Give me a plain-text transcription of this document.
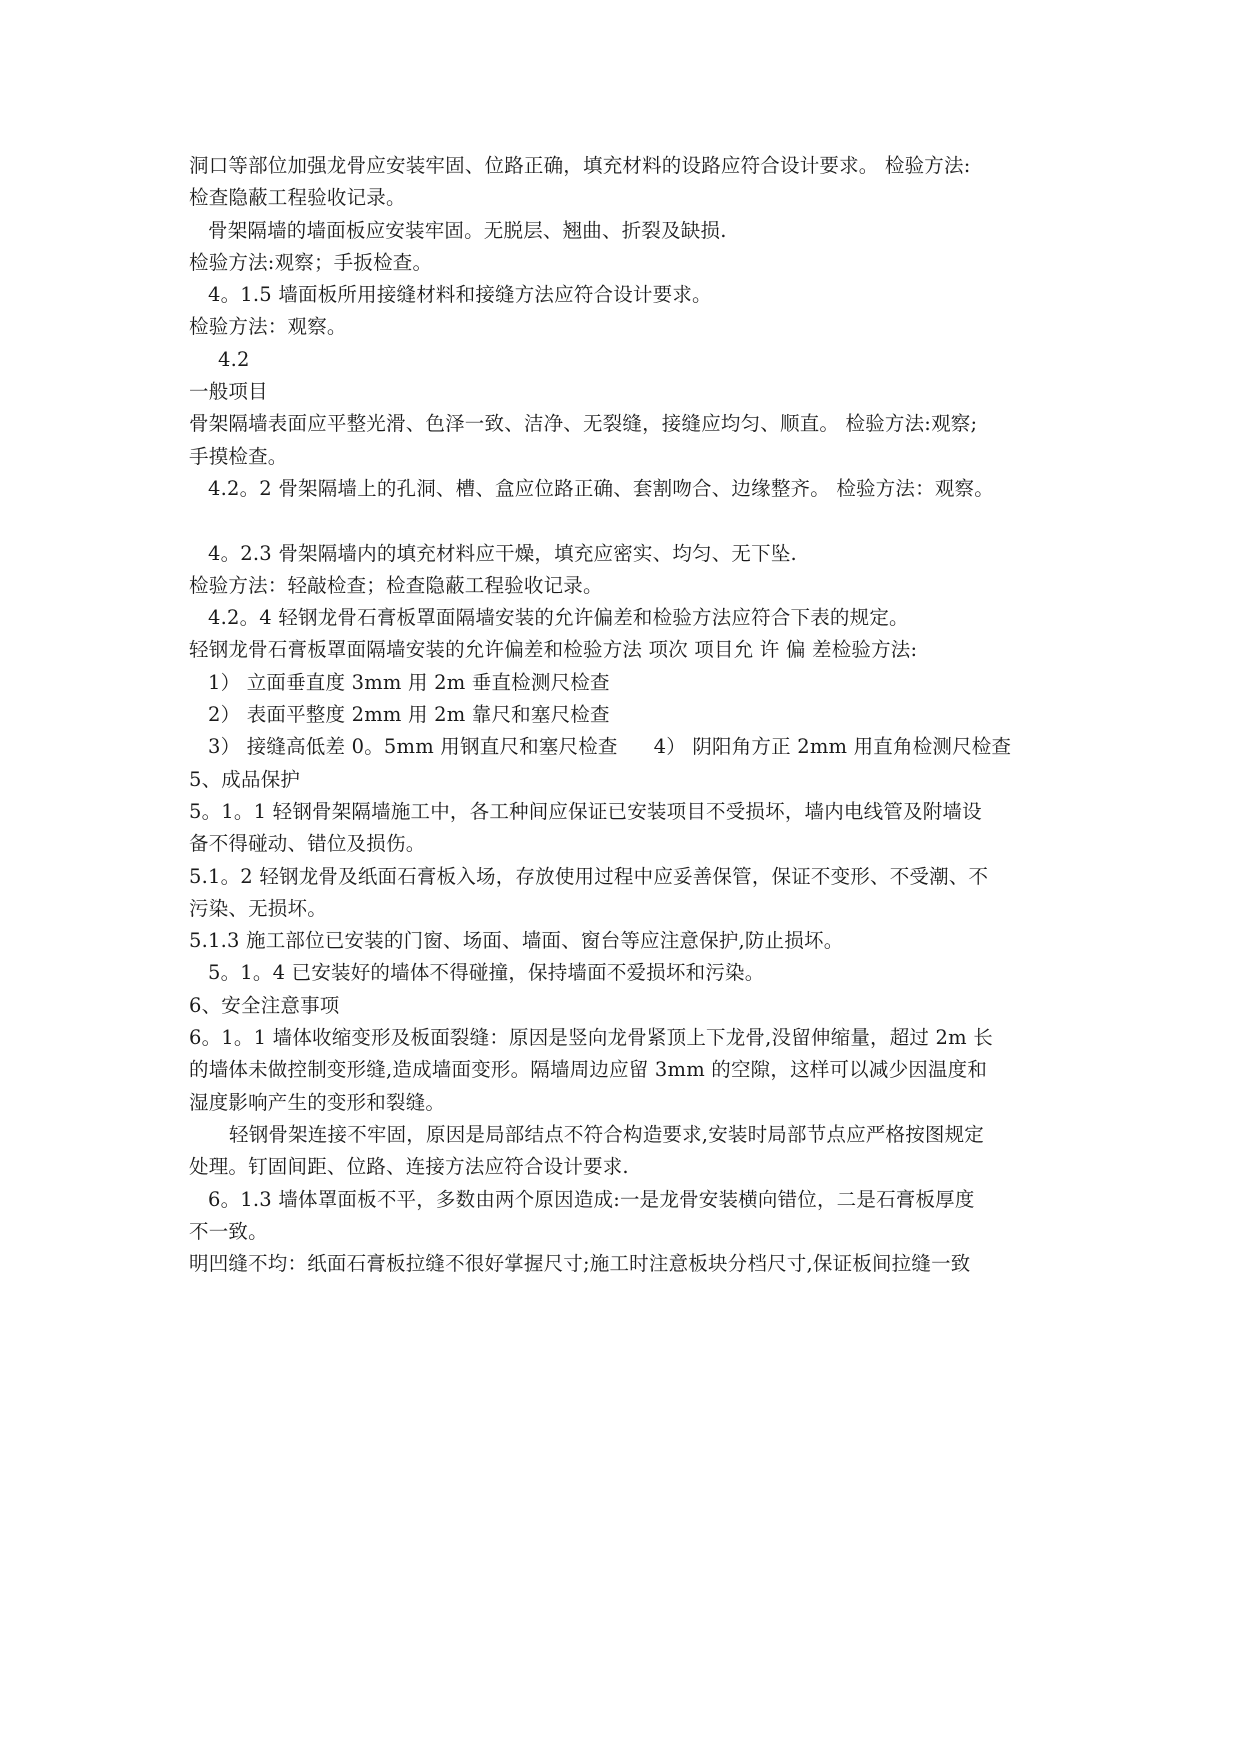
洞口等部位加强龙骨应安装牢固、位路正确，填充材料的设路应符合设计要求。 检验方法:
检查隐蔽工程验收记录。
骨架隔墙的墙面板应安装牢固。无脱层、翘曲、折裂及缺损.
检验方法:观察；手扳检查。
4。1.5 墙面板所用接缝材料和接缝方法应符合设计要求。
检验方法：观察。
4.2
一般项目
骨架隔墙表面应平整光滑、色泽一致、洁净、无裂缝，接缝应均匀、顺直。 检验方法:观察;
手摸检查。
4.2。2 骨架隔墙上的孔洞、槽、盒应位路正确、套割吻合、边缘整齐。 检验方法：观察。
4。2.3 骨架隔墙内的填充材料应干燥，填充应密实、均匀、无下坠.
检验方法：轻敲检查；检查隐蔽工程验收记录。
4.2。4 轻钢龙骨石膏板罩面隔墙安装的允许偏差和检验方法应符合下表的规定。
轻钢龙骨石膏板罩面隔墙安装的允许偏差和检验方法 项次 项目允 许 偏 差检验方法:
1） 立面垂直度 3mm 用 2m 垂直检测尺检查
2） 表面平整度 2mm 用 2m 靠尺和塞尺检查
3） 接缝高低差 0。5mm 用钢直尺和塞尺检查 4） 阴阳角方正 2mm 用直角检测尺检查
5、成品保护
5。1。1 轻钢骨架隔墙施工中，各工种间应保证已安装项目不受损坏，墙内电线管及附墙设
备不得碰动、错位及损伤。
5.1。2 轻钢龙骨及纸面石膏板入场，存放使用过程中应妥善保管，保证不变形、不受潮、不
污染、无损坏。
5.1.3 施工部位已安装的门窗、场面、墙面、窗台等应注意保护,防止损坏。
5。1。4 已安装好的墙体不得碰撞，保持墙面不爱损坏和污染。
6、安全注意事项
6。1。1 墙体收缩变形及板面裂缝：原因是竖向龙骨紧顶上下龙骨,没留伸缩量，超过 2m 长
的墙体未做控制变形缝,造成墙面变形。隔墙周边应留 3mm 的空隙，这样可以减少因温度和
湿度影响产生的变形和裂缝。
轻钢骨架连接不牢固，原因是局部结点不符合构造要求,安装时局部节点应严格按图规定
处理。钉固间距、位路、连接方法应符合设计要求.
6。1.3 墙体罩面板不平，多数由两个原因造成:一是龙骨安装横向错位，二是石膏板厚度
不一致。
明凹缝不均：纸面石膏板拉缝不很好掌握尺寸;施工时注意板块分档尺寸,保证板间拉缝一致
